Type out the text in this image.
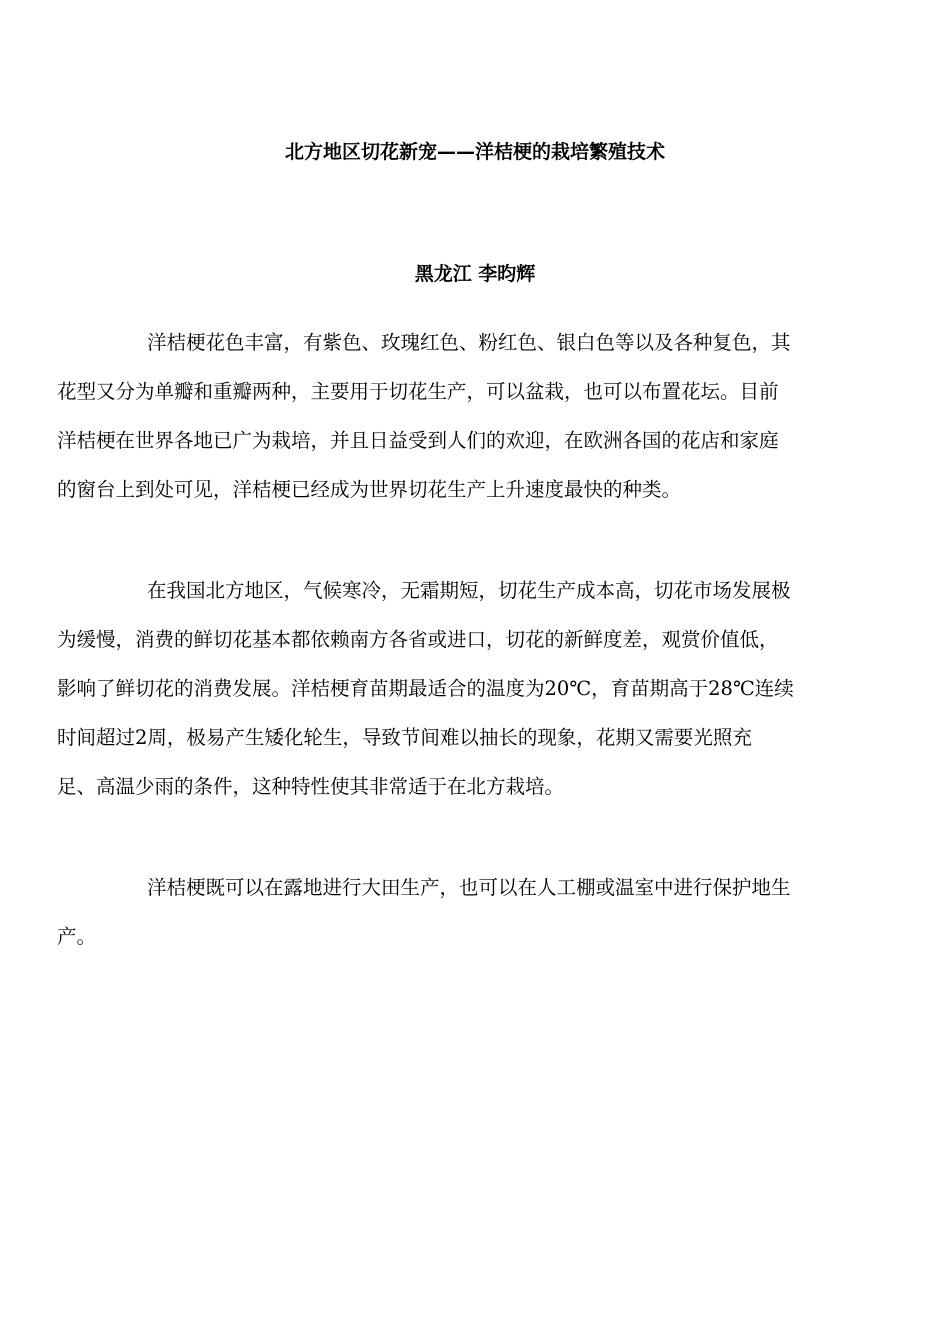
北方地区切花新宠——洋桔梗的栽培繁殖技术
黑龙江 李昀辉
洋桔梗花色丰富，有紫色、玫瑰红色、粉红色、银白色等以及各种复色，其
花型又分为单瓣和重瓣两种，主要用于切花生产，可以盆栽，也可以布置花坛。目前
洋桔梗在世界各地已广为栽培，并且日益受到人们的欢迎，在欧洲各国的花店和家庭
的窗台上到处可见，洋桔梗已经成为世界切花生产上升速度最快的种类。
在我国北方地区，气候寒冷，无霜期短，切花生产成本高，切花市场发展极
为缓慢，消费的鲜切花基本都依赖南方各省或进口，切花的新鲜度差，观赏价值低，
影响了鲜切花的消费发展。洋桔梗育苗期最适合的温度为20℃，育苗期高于28℃连续
时间超过2周，极易产生矮化轮生，导致节间难以抽长的现象，花期又需要光照充
足、高温少雨的条件，这种特性使其非常适于在北方栽培。
洋桔梗既可以在露地进行大田生产，也可以在人工棚或温室中进行保护地生
产。
